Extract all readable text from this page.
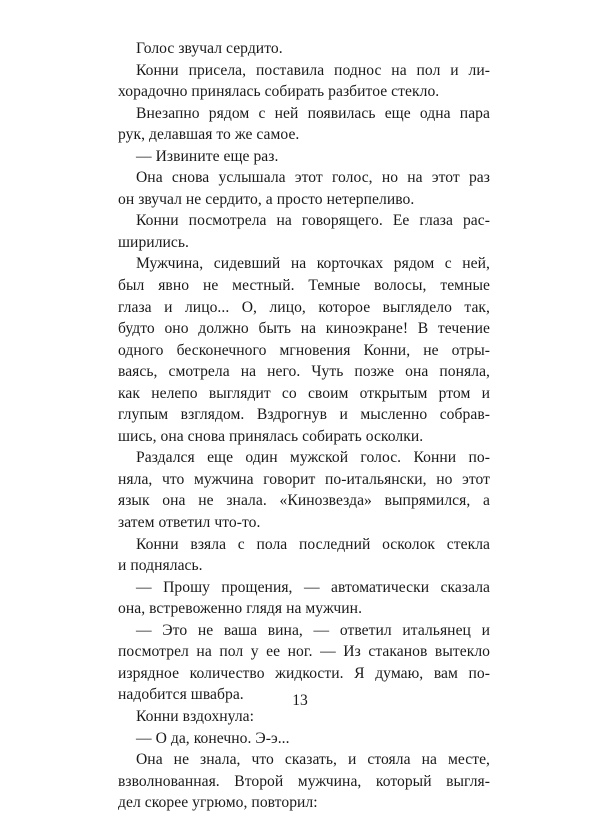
Голос звучал сердито.
Конни присела, поставила поднос на пол и ли-
хорадочно принялась собирать разбитое стекло.
Внезапно рядом с ней появилась еще одна пара
рук, делавшая то же самое.
— Извините еще раз.
Она снова услышала этот голос, но на этот раз
он звучал не сердито, а просто нетерпеливо.
Конни посмотрела на говорящего. Ее глаза рас-
ширились.
Мужчина, сидевший на корточках рядом с ней,
был явно не местный. Темные волосы, темные
глаза и лицо... О, лицо, которое выглядело так,
будто оно должно быть на киноэкране! В течение
одного бесконечного мгновения Конни, не отры-
ваясь, смотрела на него. Чуть позже она поняла,
как нелепо выглядит со своим открытым ртом и
глупым взглядом. Вздрогнув и мысленно собрав-
шись, она снова принялась собирать осколки.
Раздался еще один мужской голос. Конни по-
няла, что мужчина говорит по-итальянски, но этот
язык она не знала. «Кинозвезда» выпрямился, а
затем ответил что-то.
Конни взяла с пола последний осколок стекла
и поднялась.
— Прошу прощения, — автоматически сказала
она, встревоженно глядя на мужчин.
— Это не ваша вина, — ответил итальянец и
посмотрел на пол у ее ног. — Из стаканов вытекло
изрядное количество жидкости. Я думаю, вам по-
надобится швабра.
Конни вздохнула:
— О да, конечно. Э-э...
Она не знала, что сказать, и стояла на месте,
взволнованная. Второй мужчина, который выгля-
дел скорее угрюмо, повторил:
13
